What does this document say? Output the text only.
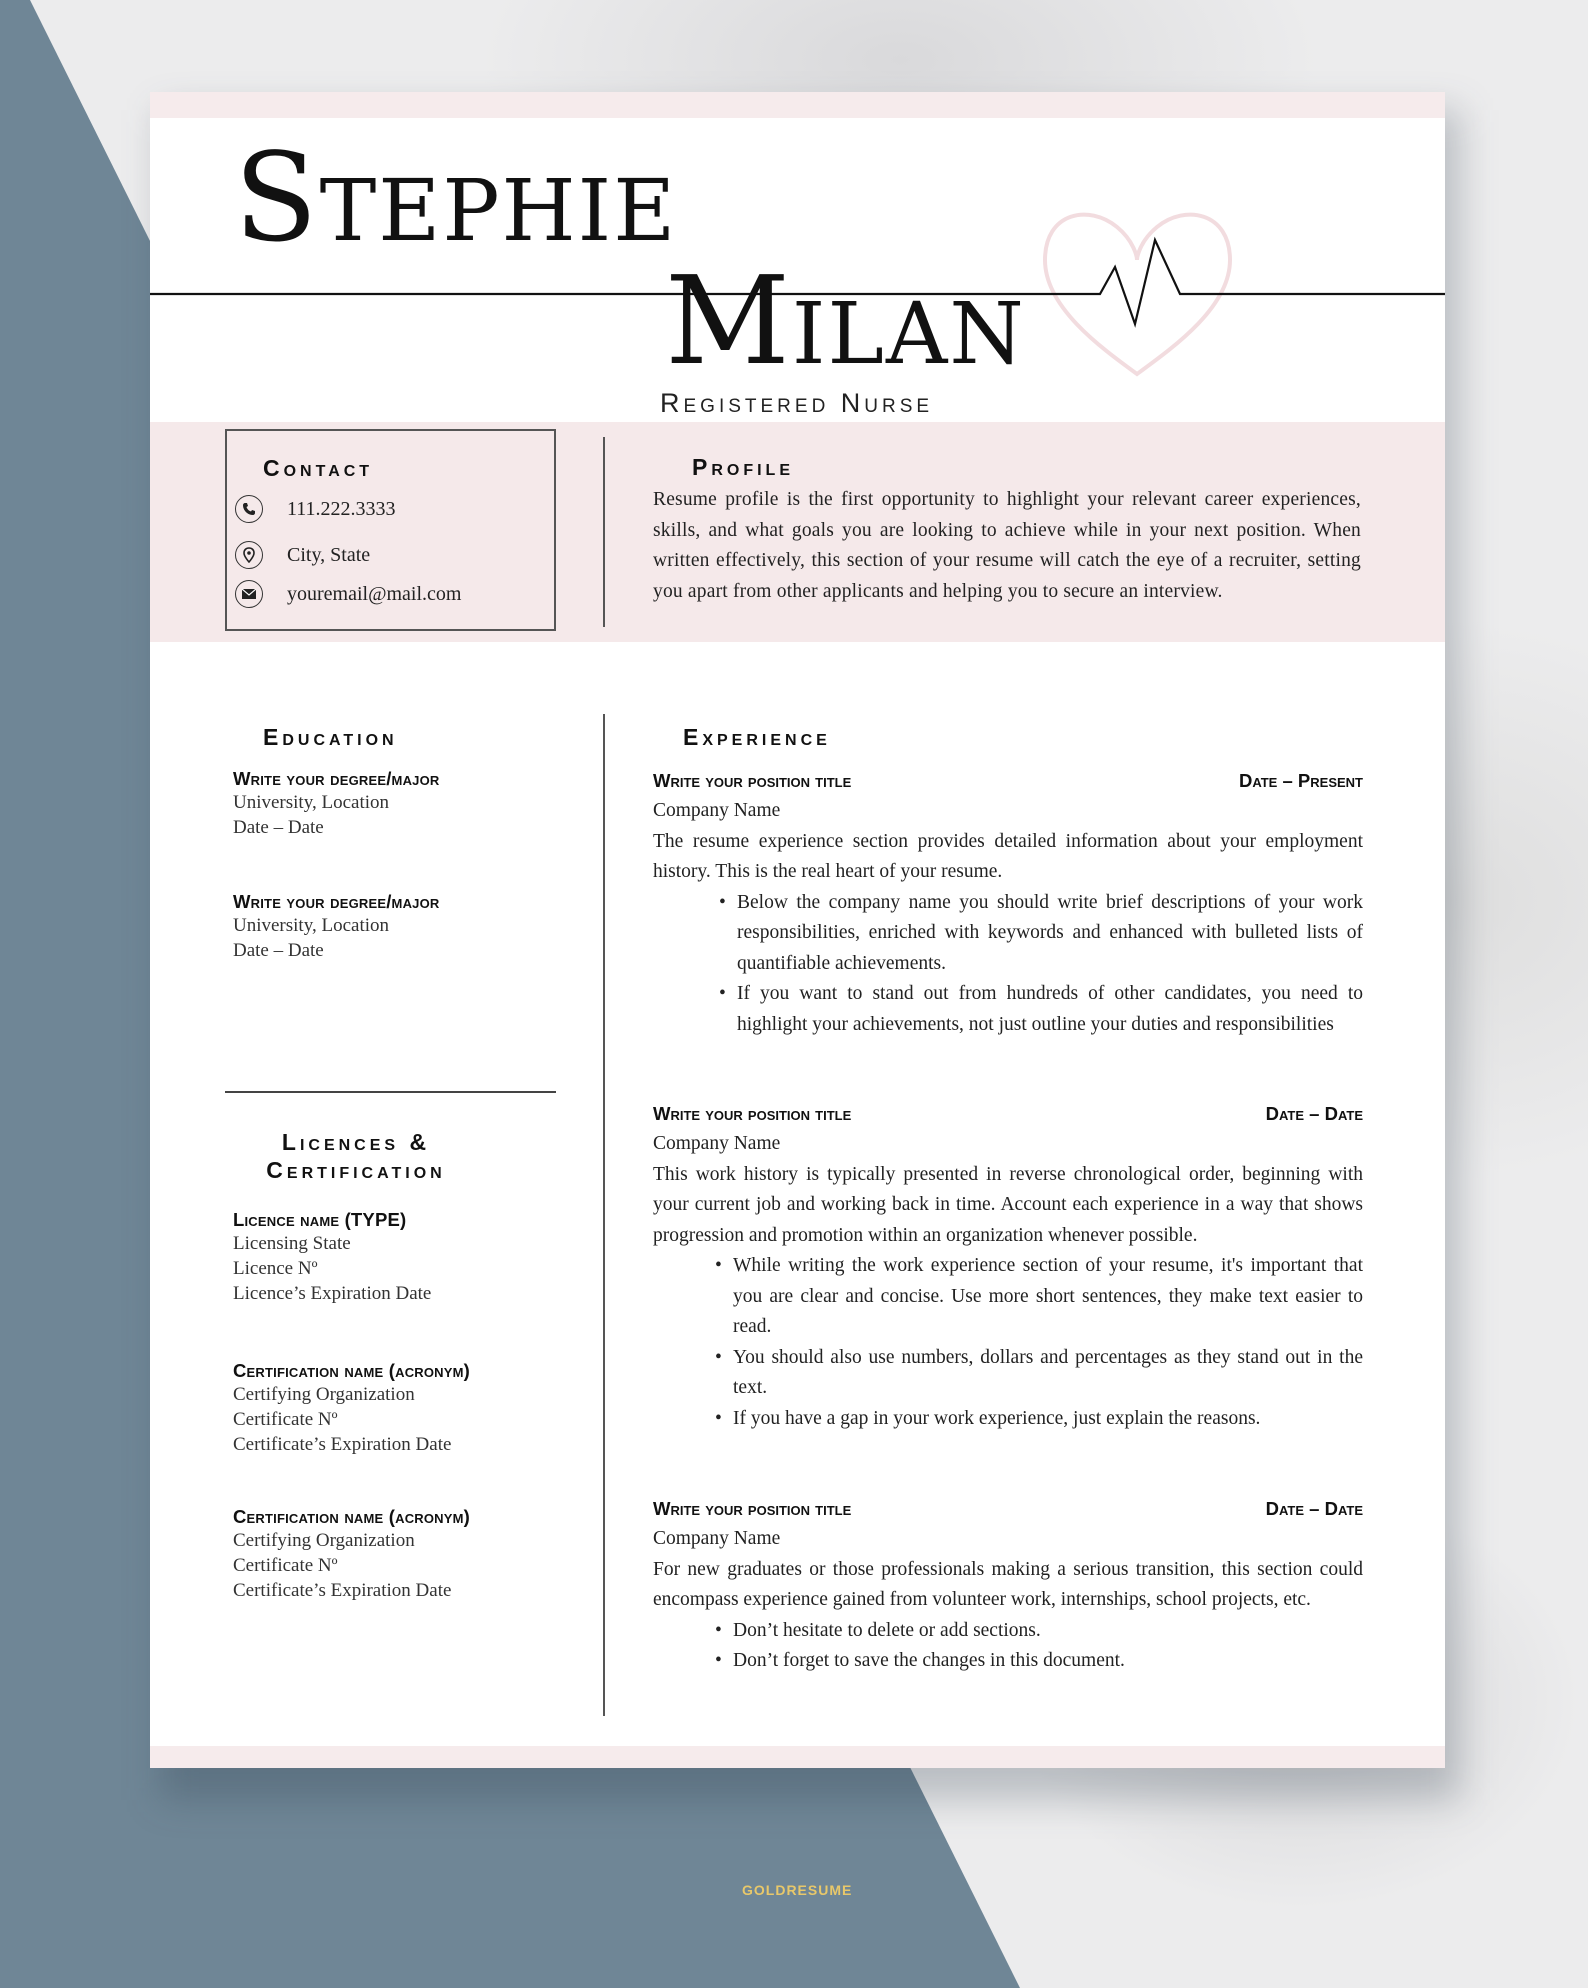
Stephie
Milan
Registered Nurse
Contact
111.222.3333
City, State
youremail@mail.com
Profile
Resume profile is the first opportunity to highlight your relevant career experiences, skills, and what goals you are looking to achieve while in your next position. When written effectively, this section of your resume will catch the eye of a recruiter, setting you apart from other applicants and helping you to secure an interview.
Education
Write your degree/major
University, Location
Date – Date
Write your degree/major
University, Location
Date – Date
Licences &
Certification
Licence name (TYPE)
Licensing State
Licence Nº
Licence’s Expiration Date
Certification name (acronym)
Certifying Organization
Certificate Nº
Certificate’s Expiration Date
Certification name (acronym)
Certifying Organization
Certificate Nº
Certificate’s Expiration Date
Experience
Write your position title	Date – Present
Company Name
The resume experience section provides detailed information about your employment history. This is the real heart of your resume.
• Below the company name you should write brief descriptions of your work responsibilities, enriched with keywords and enhanced with bulleted lists of quantifiable achievements.
• If you want to stand out from hundreds of other candidates, you need to highlight your achievements, not just outline your duties and responsibilities
Write your position title	Date – Date
Company Name
This work history is typically presented in reverse chronological order, beginning with your current job and working back in time. Account each experience in a way that shows progression and promotion within an organization whenever possible.
• While writing the work experience section of your resume, it's important that you are clear and concise. Use more short sentences, they make text easier to read.
• You should also use numbers, dollars and percentages as they stand out in the text.
• If you have a gap in your work experience, just explain the reasons.
Write your position title	Date – Date
Company Name
For new graduates or those professionals making a serious transition, this section could encompass experience gained from volunteer work, internships, school projects, etc.
• Don’t hesitate to delete or add sections.
• Don’t forget to save the changes in this document.
GOLDRESUME
